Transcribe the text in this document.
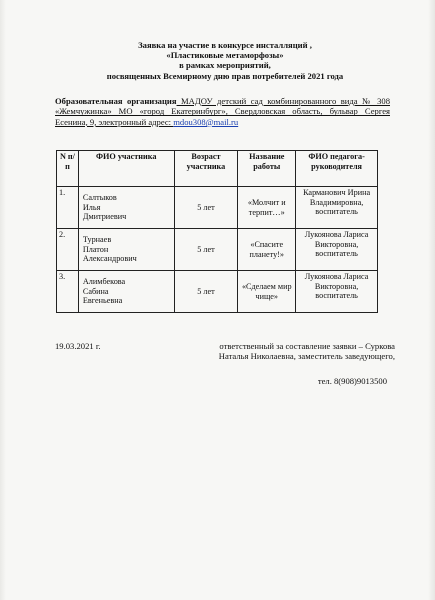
Заявка на участие в конкурсе инсталляций ,
«Пластиковые метаморфозы»
в рамках мероприятий,
посвященных Всемирному дню прав потребителей 2021 года
Образовательная организация МАДОУ детский сад комбинированного вида № 308 «Жемчужинка» МО «город Екатеринбург», Свердловская область, бульвар Сергея Есенина, 9, электронный адрес: mdou308@mail.ru
N п/п	ФИО участника	Возраст участника	Название работы	ФИО педагога-руководителя
1.	Салтыков
Илья
Дмитриевич	5 лет	«Молчит и терпит…»	Карманович Ирина Владимировна, воспитатель
2.	Турнаев
Платон
Александрович	5 лет	«Спасите планету!»	Лукоянова Лариса Викторовна, воспитатель
3.	Алимбекова
Сабина
Евгеньевна	5 лет	«Сделаем мир чище»	Лукоянова Лариса Викторовна, воспитатель
19.03.2021 г.	ответственный за составление заявки – Суркова
Наталья Николаевна, заместитель заведующего,
тел. 8(908)9013500
